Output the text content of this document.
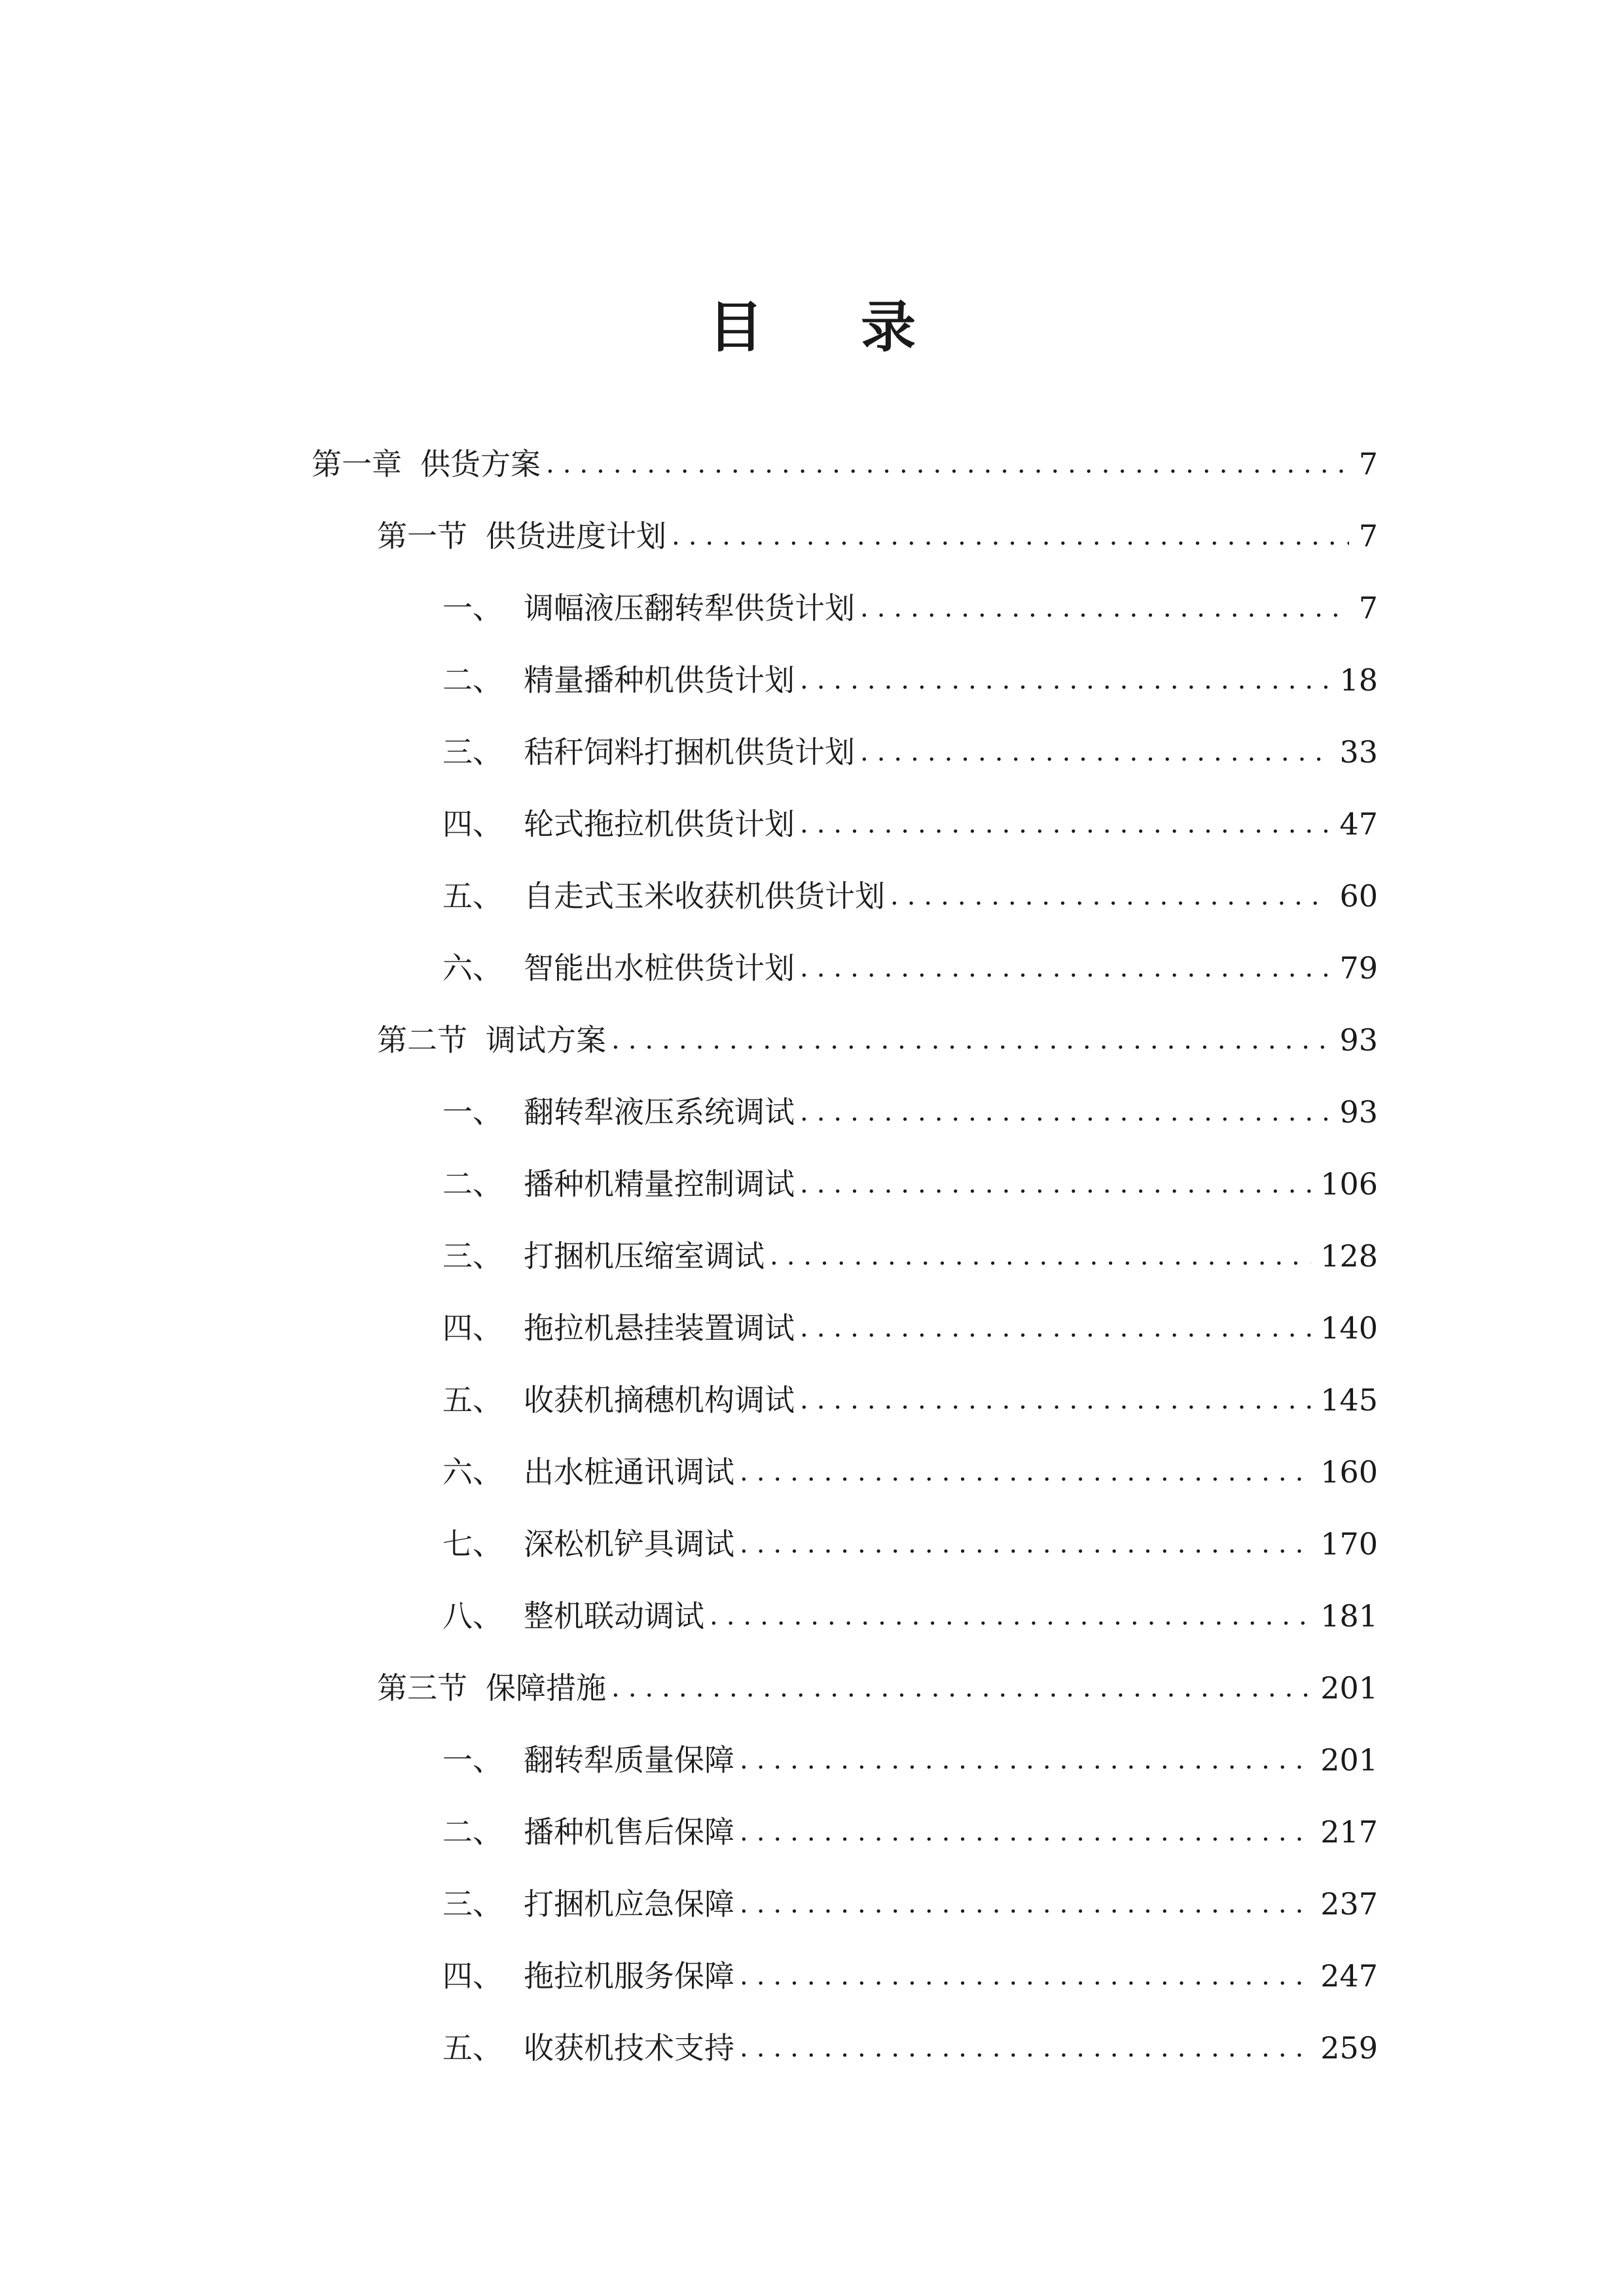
目 录
第一章 供货方案 .....	7
第一节 供货进度计划 .....	7
一、 调幅液压翻转犁供货计划 .....	7
二、 精量播种机供货计划 .....	18
三、 秸秆饲料打捆机供货计划 .....	33
四、 轮式拖拉机供货计划 .....	47
五、 自走式玉米收获机供货计划 .....	60
六、 智能出水桩供货计划 .....	79
第二节 调试方案 .....	93
一、 翻转犁液压系统调试 .....	93
二、 播种机精量控制调试 .....	106
三、 打捆机压缩室调试 .....	128
四、 拖拉机悬挂装置调试 .....	140
五、 收获机摘穗机构调试 .....	145
六、 出水桩通讯调试 .....	160
七、 深松机铲具调试 .....	170
八、 整机联动调试 .....	181
第三节 保障措施 .....	201
一、 翻转犁质量保障 .....	201
二、 播种机售后保障 .....	217
三、 打捆机应急保障 .....	237
四、 拖拉机服务保障 .....	247
五、 收获机技术支持 .....	259
